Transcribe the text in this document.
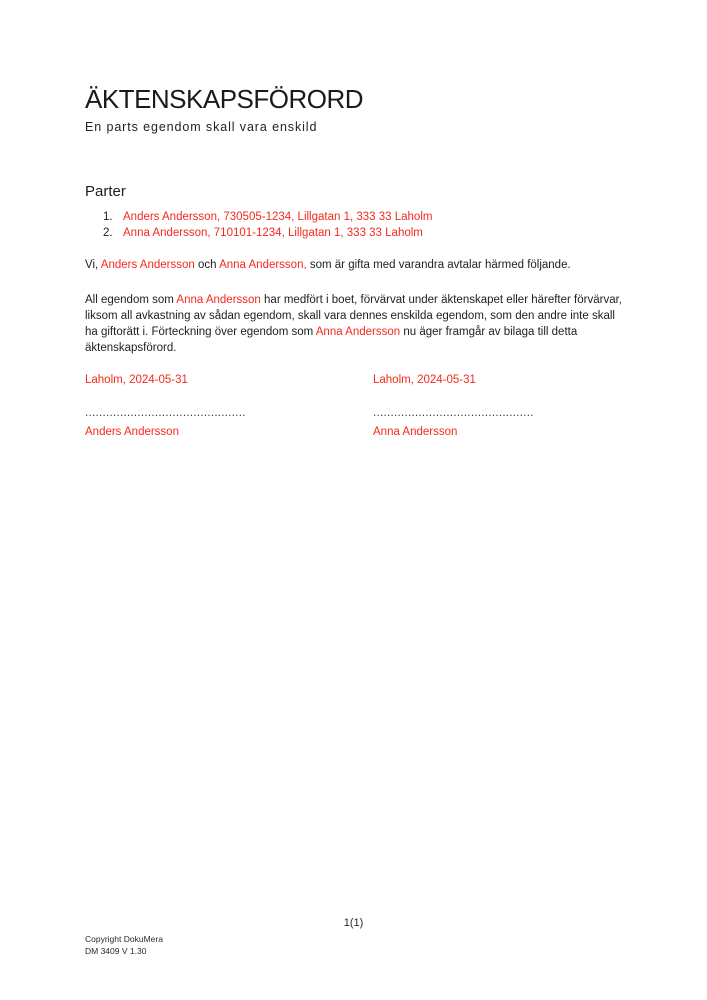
ÄKTENSKAPSFÖRORD
En parts egendom skall vara enskild
Parter
1. Anders Andersson, 730505-1234, Lillgatan 1, 333 33 Laholm
2. Anna Andersson, 710101-1234, Lillgatan 1, 333 33 Laholm
Vi, Anders Andersson och Anna Andersson, som är gifta med varandra avtalar härmed följande.
All egendom som Anna Andersson har medfört i boet, förvärvat under äktenskapet eller härefter förvärvar, liksom all avkastning av sådan egendom, skall vara dennes enskilda egendom, som den andre inte skall ha giftorätt i. Förteckning över egendom som Anna Andersson nu äger framgår av bilaga till detta äktenskapsförord.
Laholm, 2024-05-31
..............................................
Anders Andersson
Laholm, 2024-05-31
..............................................
Anna Andersson
1(1)
Copyright DokuMera
DM 3409 V 1.30
